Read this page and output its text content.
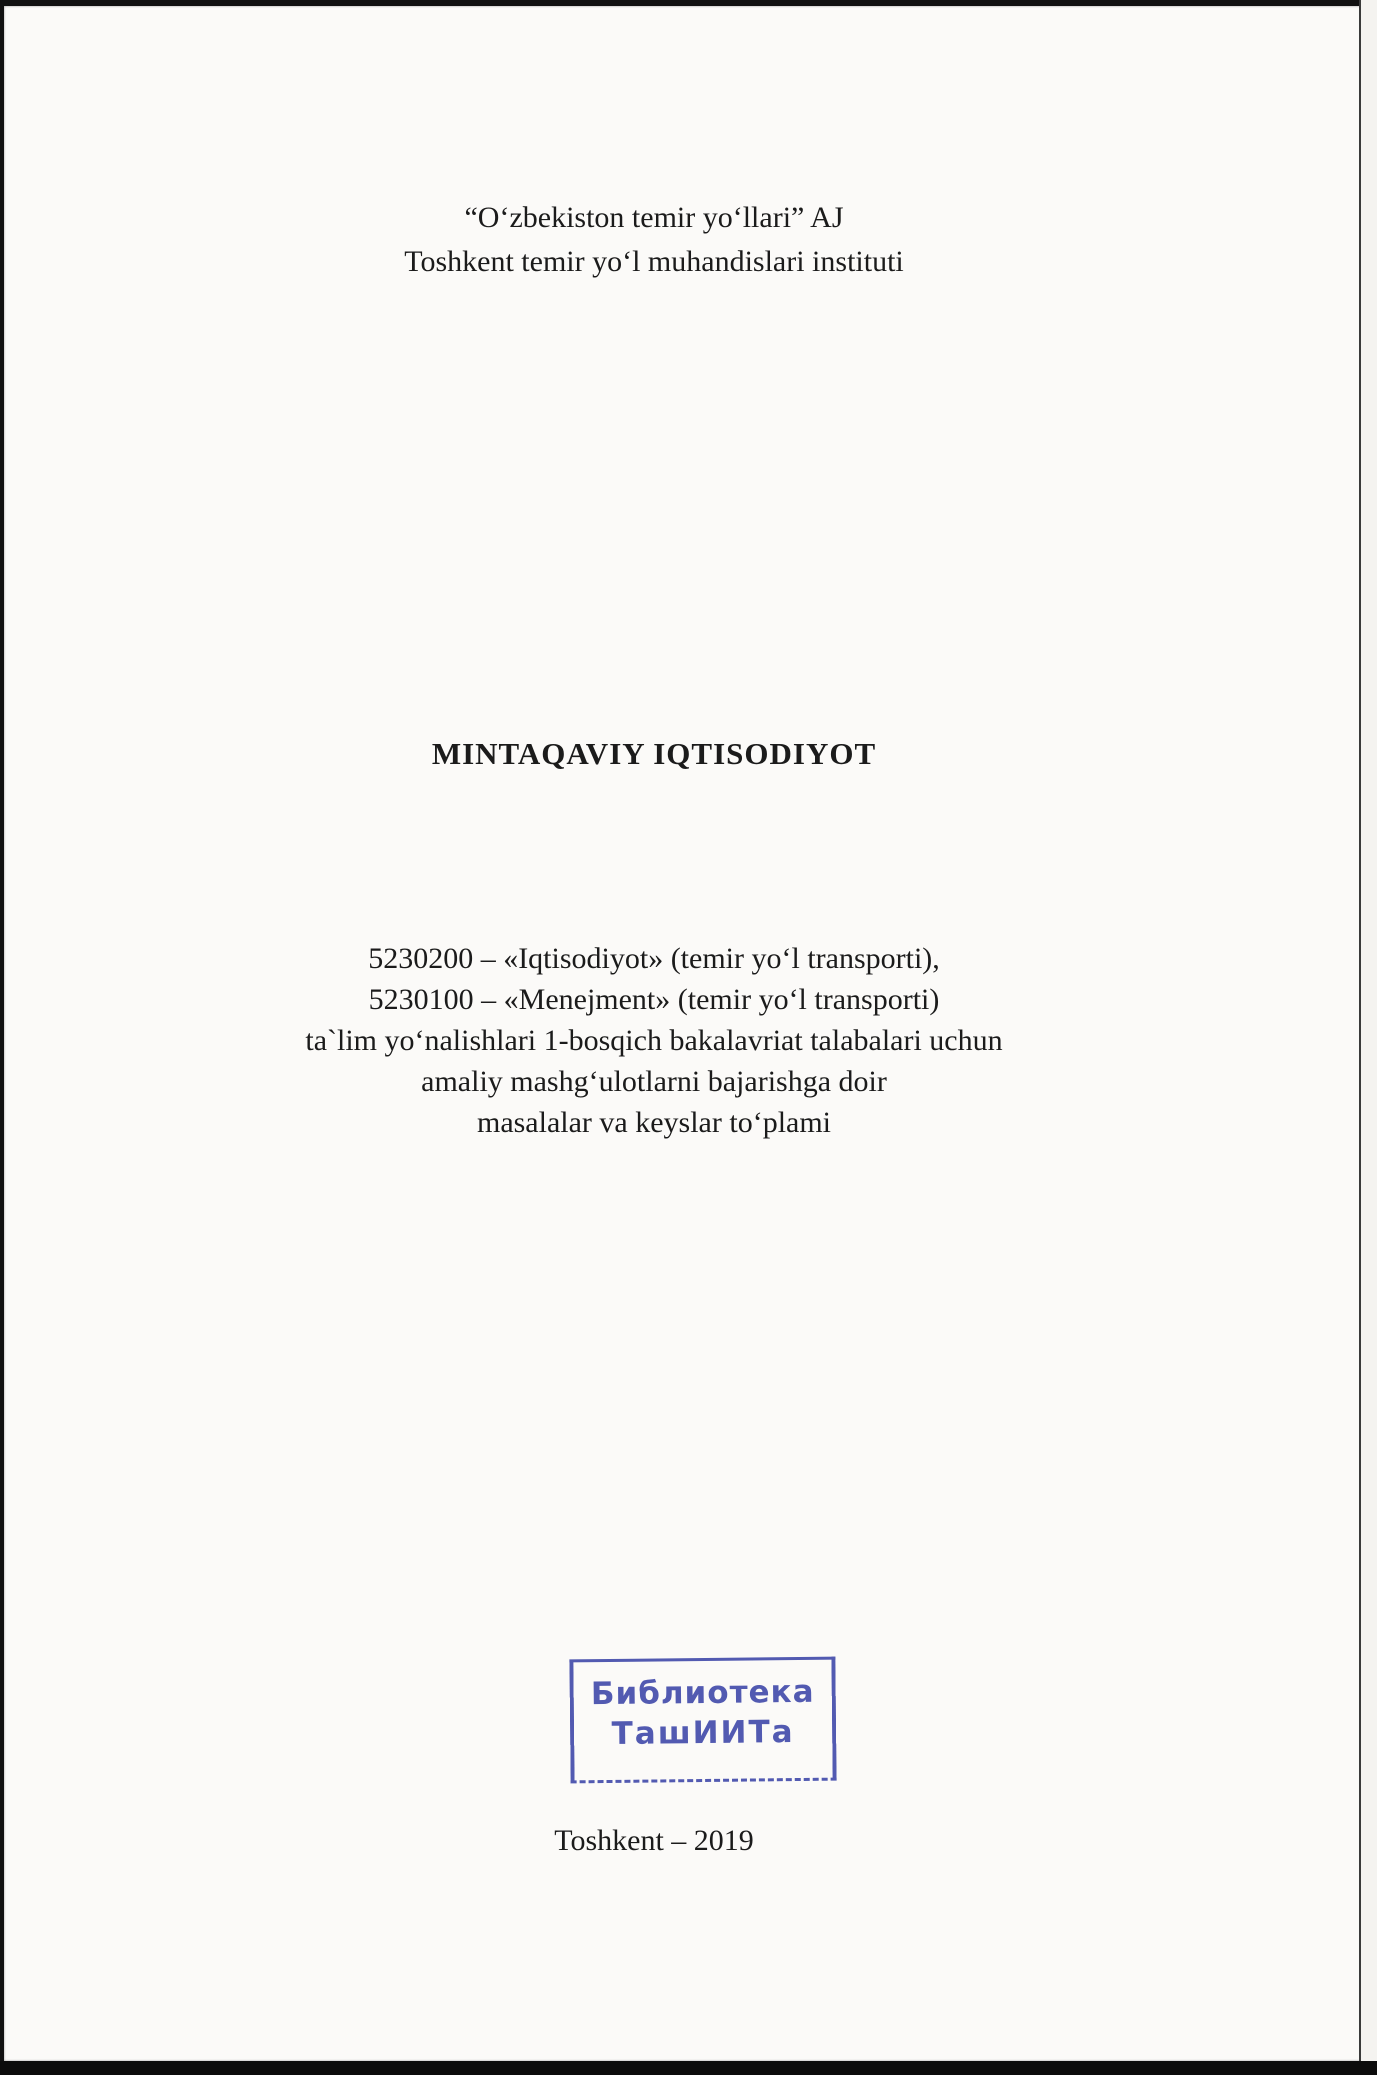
“O‘zbekiston temir yo‘llari” AJ
Toshkent temir yo‘l muhandislari instituti
MINTAQAVIY IQTISODIYOT
5230200 – «Iqtisodiyot» (temir yo‘l transporti),
5230100 – «Menejment» (temir yo‘l transporti)
ta`lim yo‘nalishlari 1-bosqich bakalavriat talabalari uchun
amaliy mashg‘ulotlarni bajarishga doir
masalalar va keyslar to‘plami
Библиотека
ТашИИТа
Toshkent – 2019
